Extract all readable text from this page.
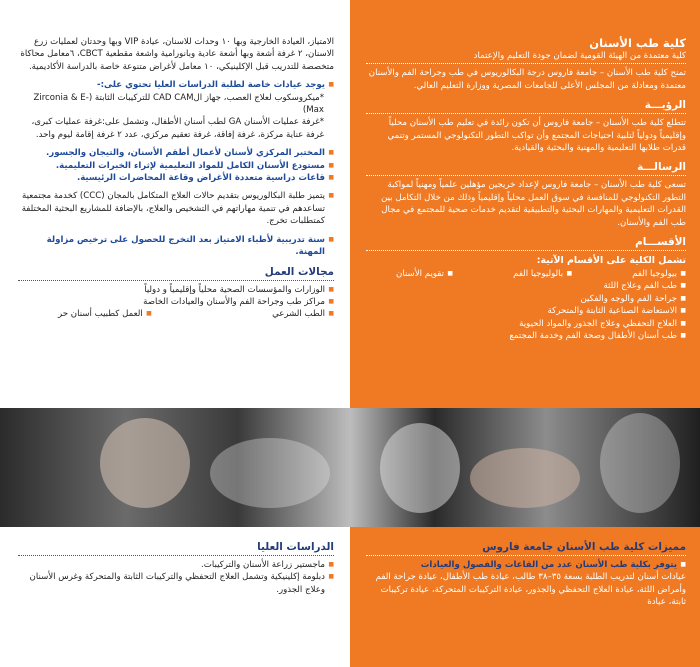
كلية طب الأسنان
كلية معتمدة من الهيئة القومية لضمان جودة التعليم والإعتماد
تمنح كلية طب الأسنان – جامعة فاروس درجة البكالوريوس في طب وجراحة الفم والأسنان معتمدة ومعادلة من المجلس الأعلى للجامعات المصرية ووزارة التعليم العالي.
الرؤيـــة
تتطلع كلية طب الأسنان – جامعة فاروس أن تكون رائدة في تعليم طب الأسنان محلياً وإقليمياً ودولياً لتلبية احتياجات المجتمع وأن تواكب التطور التكنولوجي المستمر وتنمي قدرات طلابها التعليمية والمهنية والبحثية والقيادية.
الرسالـــة
تسعى كلية طب الأسنان – جامعة فاروس لإعداد خريجين مؤهلين علمياً ومهنياً لمواكبة التطور التكنولوجي للمنافسة في سوق العمل محلياً وإقليمياً وذلك من خلال التكامل بين القدرات التعليمية والمهارات البحثية والتطبيقية لتقديم خدمات صحية للمجتمع في مجال طب الفم والأسنان.
الأقســـام
تشمل الكلية على الأقسام الآتية:
■ بيولوجيا الفم
■ بالوليوجيا الفم
■ تقويم الأسنان
■ طب الفم وعلاج اللثة
■ جراحة الفم والوجه والفكين
■ الاستعاضة الصناعية الثابتة والمتحركة
■ العلاج التحفظي وعلاج الجذور والمواد الحيوية
■ طب أسنان الأطفال وصحة الفم وخدمة المجتمع
الامتياز، العيادة الخارجية وبها ١٠ وحدات للاسنان، عيادة VIP وبها وحدتان لعمليات زرع الاسنان، ٢ غرفة أشعة وبها أشعة عادية وبانورامية واشعة مقطعية CBCT، ٦معامل محاكاة متخصصة للتدريب قبل الإكلينيكي، ١٠ معامل لأغراض متنوعة خاصة بالدراسة الأكاديمية.
■ يوجد عيادات خاصة لطلبة الدراسات العليا تحتوي على:-
*ميكروسكوب لعلاج العصب، جهاز الCAD CAM للتركيبات الثابتة (Zirconia & E-Max)
*غرفة عمليات الأسنان GA لطب أسنان الأطفال، وتشمل على:غرفة عمليات كبرى، غرفة عناية مركزة، غرفة إفاقة، غرفة تعقيم مركزي، عدد ٢ غرفة إقامة ليوم واحد.
■ المختبر المركزي لأسنان لأعمال أطقم الأسنان، والتيجان والجسور.
■ مستودع الأسنان الكامل للمواد التعليمية لإثراء الخبرات التعليمية.
■ قاعات دراسية متعددة الأغراض وقاعة المحاضرات الرئيسية.
■ يتميز طلبة البكالوريوس بتقديم حالات العلاج المتكامل بالمجان (CCC) كخدمة مجتمعية تساعدهم في تنمية مهاراتهم في التشخيص والعلاج، بالإضافة للمشاريع البحثية المختلفة كمتطلبات تخرج.
■ سنة تدريبية لأطباء الامتياز بعد التخرج للحصول على ترخيص مزاولة المهنة.
مجالات العمل
■ الوزارات والمؤسسات الصحية محلياً وإقليمياً و دولياً
■ مراكز طب وجراحة الفم والأسنان والعيادات الخاصة
■ الطب الشرعي
■ العمل كطبيب أسنان حر
مميزات كلية طب الأسنان جامعة فاروس
■ يتوفر بكلية طب الأسنان عدد من القاعات والفصول والعيادات
عيادات أسنان لتدريب الطلبة بسعة ٣٥–٣٨ طالب، عيادة طب الأطفال، عيادة جراحة الفم وأمراض اللثة، عيادة العلاج التحفظي والجذور، عيادة التركيبات المتحركة، عيادة تركيبات ثابتة، عيادة
الدراسات العليا
■ ماجستير زراعة الأسنان والتركيبات.
■ دبلومة إكلينيكية وتشمل العلاج التحفظي والتركيبات الثابتة والمتحركة وغرس الأسنان وعلاج الجذور.
